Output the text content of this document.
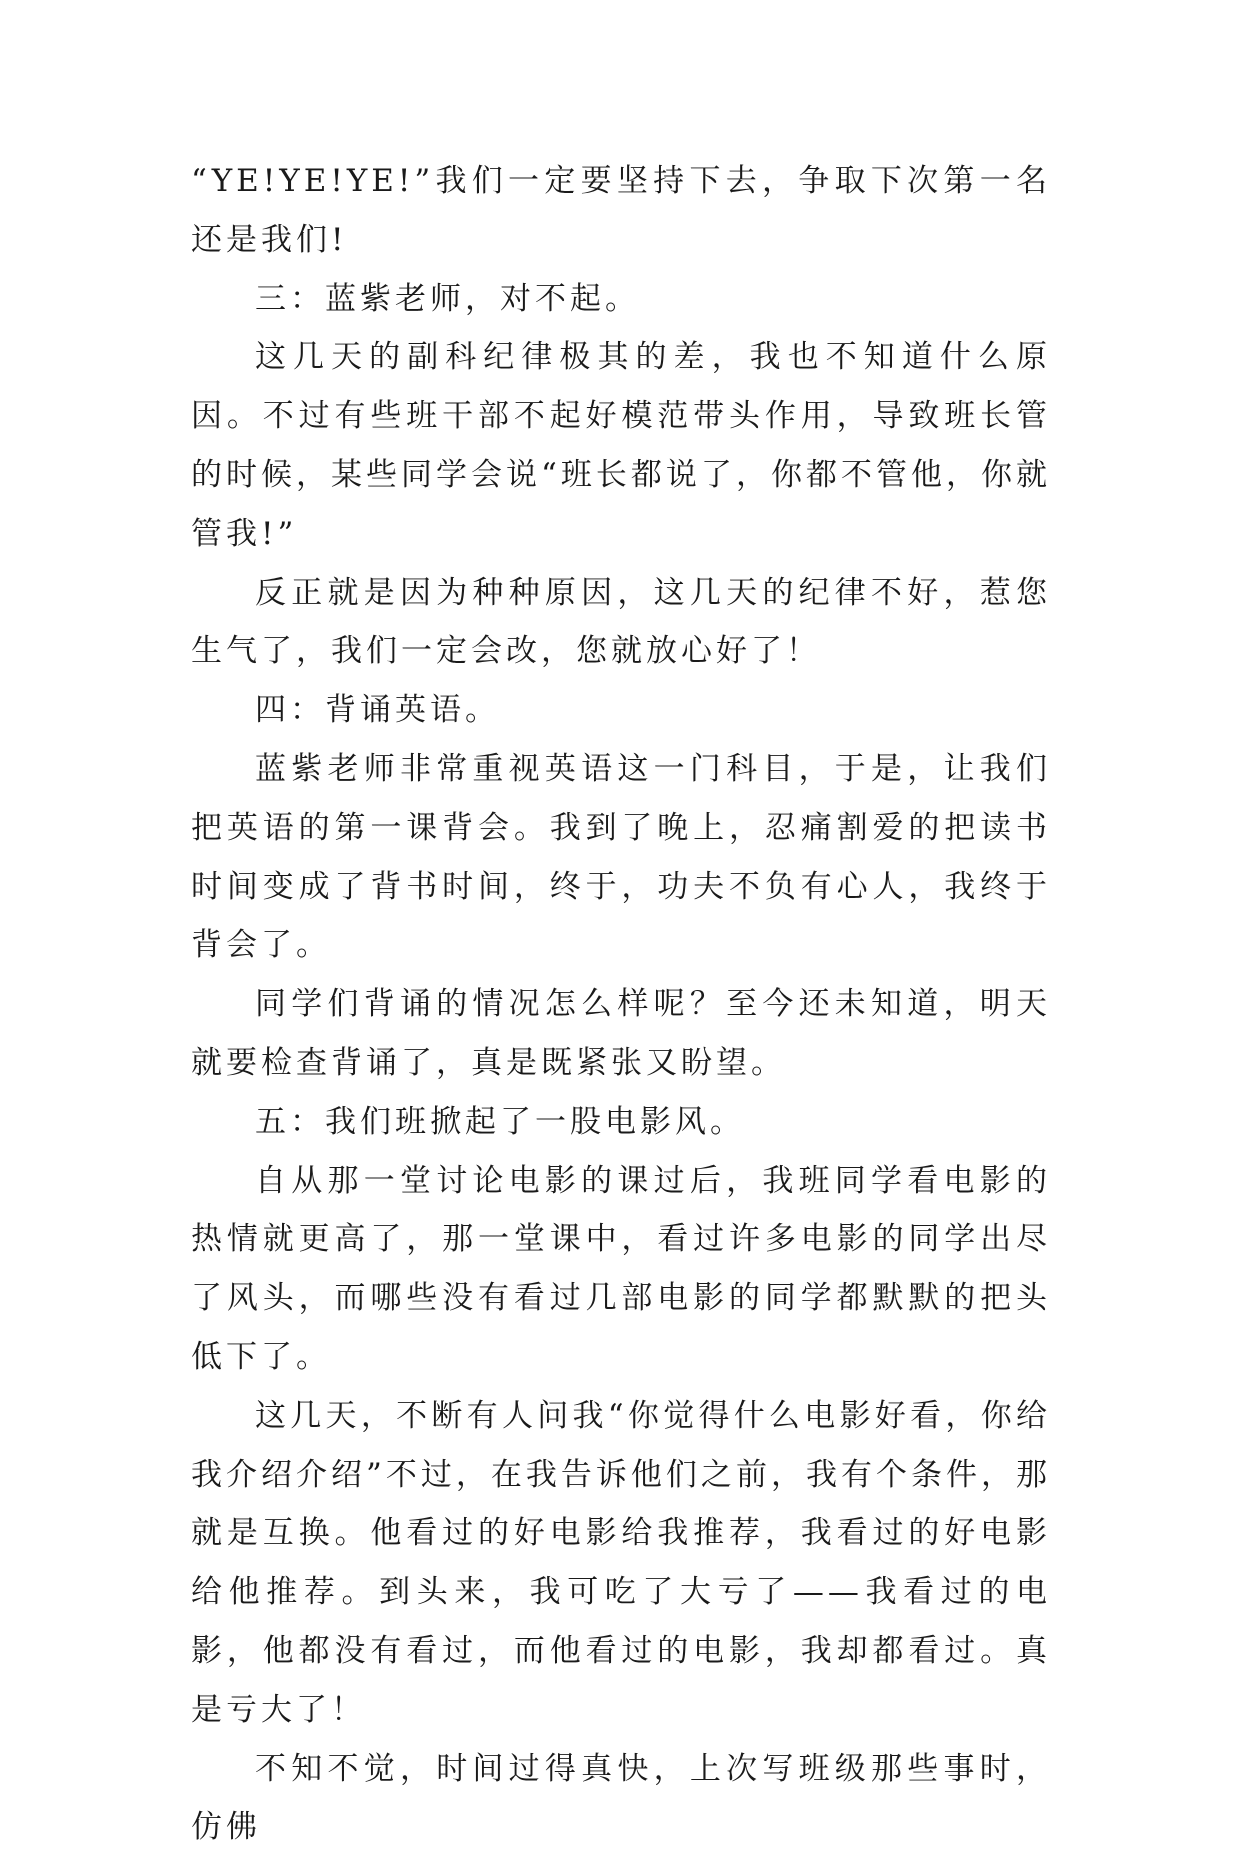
“YE!YE!YE!”我们一定要坚持下去，争取下次第一名还是我们!

三：蓝紫老师，对不起。

这几天的副科纪律极其的差，我也不知道什么原因。不过有些班干部不起好模范带头作用，导致班长管的时候，某些同学会说“班长都说了，你都不管他，你就管我!”

反正就是因为种种原因，这几天的纪律不好，惹您生气了，我们一定会改，您就放心好了！

四：背诵英语。

蓝紫老师非常重视英语这一门科目，于是，让我们把英语的第一课背会。我到了晚上，忍痛割爱的把读书时间变成了背书时间，终于，功夫不负有心人，我终于背会了。

同学们背诵的情况怎么样呢？至今还未知道，明天就要检查背诵了，真是既紧张又盼望。

五：我们班掀起了一股电影风。

自从那一堂讨论电影的课过后，我班同学看电影的热情就更高了，那一堂课中，看过许多电影的同学出尽了风头，而哪些没有看过几部电影的同学都默默的把头低下了。

这几天，不断有人问我“你觉得什么电影好看，你给我介绍介绍”不过，在我告诉他们之前，我有个条件，那就是互换。他看过的好电影给我推荐，我看过的好电影给他推荐。到头来，我可吃了大亏了——我看过的电影，他都没有看过，而他看过的电影，我却都看过。真是亏大了！

不知不觉，时间过得真快，上次写班级那些事时，仿佛
